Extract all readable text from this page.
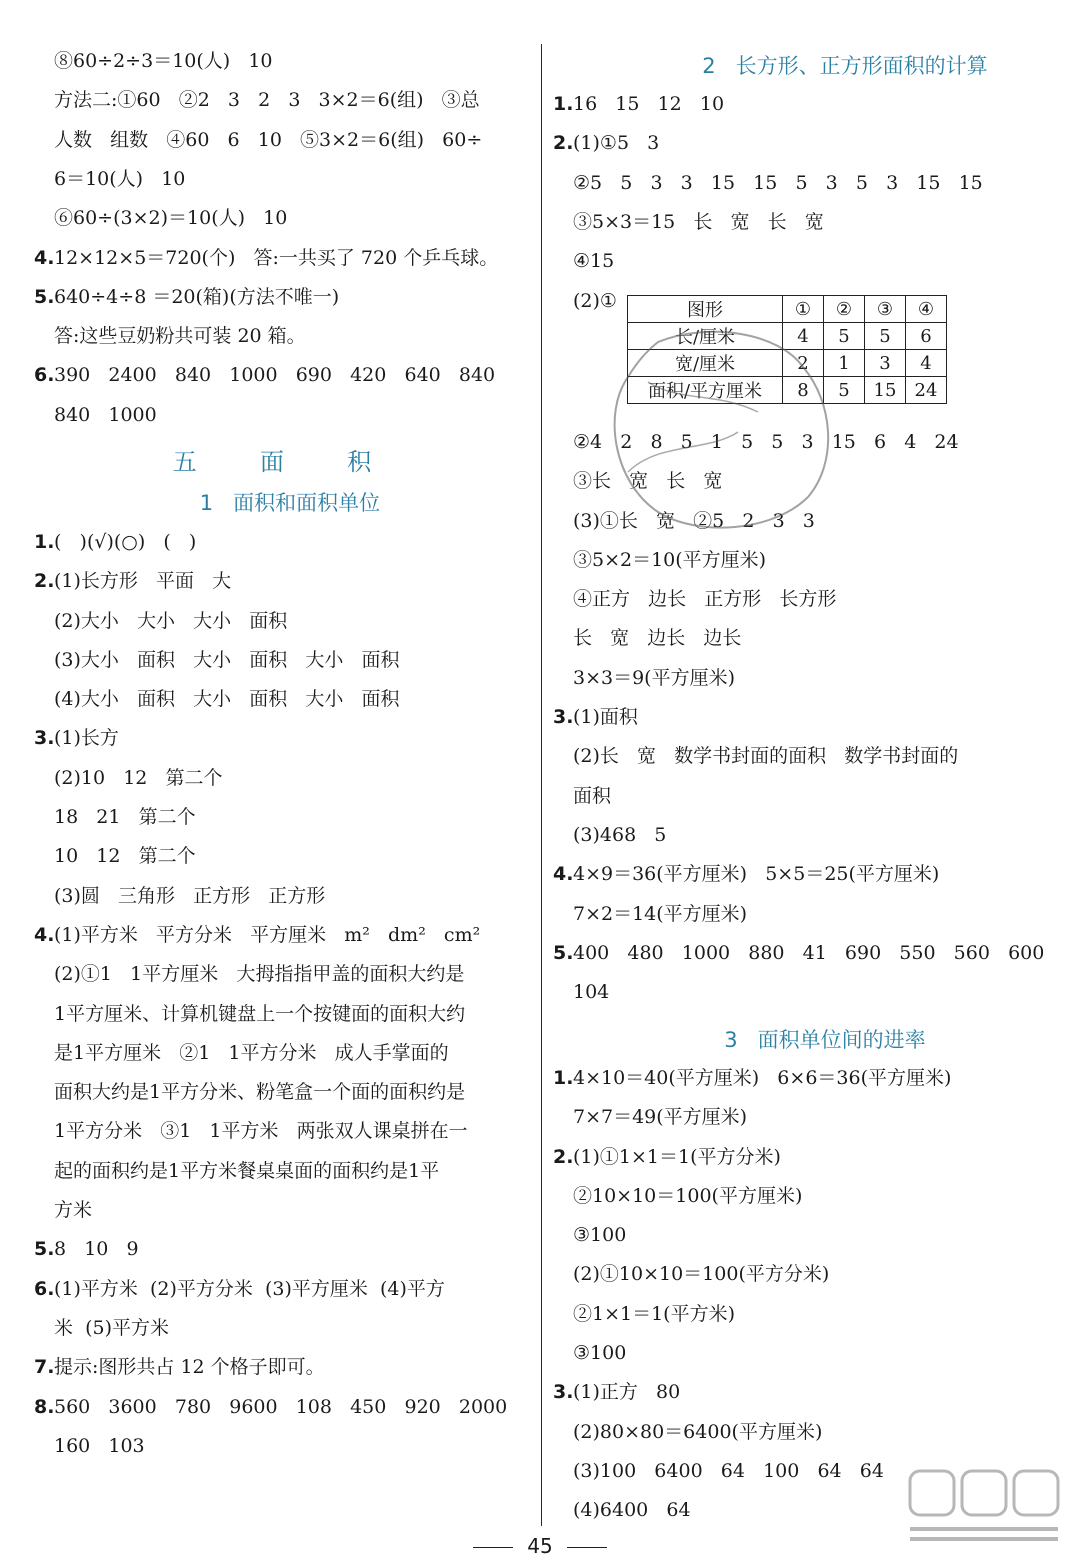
⑧60÷2÷3＝10(人)   10
方法二:①60   ②2   3   2   3   3×2＝6(组)   ③总
人数   组数   ④60   6   10   ⑤3×2＝6(组)   60÷
6＝10(人)   10
⑥60÷(3×2)＝10(人)   10
4. 12×12×5＝720(个)   答:一共买了 720 个乒乓球。
5. 640÷4÷8 ＝20(箱)(方法不唯一)
答:这些豆奶粉共可装 20 箱。
6. 390   2400   840   1000   690   420   640   840
840   1000
五  面  积
1   面积和面积单位
1. (   )(√)(○)   (   )
2. (1)长方形   平面   大
(2)大小   大小   大小   面积
(3)大小   面积   大小   面积   大小   面积
(4)大小   面积   大小   面积   大小   面积
3. (1)长方
(2)10   12   第二个
18   21   第二个
10   12   第二个
(3)圆   三角形   正方形   正方形
4. (1)平方米   平方分米   平方厘米   m²   dm²   cm²
(2)①1   1平方厘米   大拇指指甲盖的面积大约是
1平方厘米、计算机键盘上一个按键面的面积大约
是1平方厘米   ②1   1平方分米   成人手掌面的
面积大约是1平方分米、粉笔盒一个面的面积约是
1平方分米   ③1   1平方米   两张双人课桌拼在一
起的面积约是1平方米餐桌桌面的面积约是1平
方米
5. 8   10   9
6. (1)平方米  (2)平方分米  (3)平方厘米  (4)平方
米  (5)平方米
7. 提示:图形共占 12 个格子即可。
8. 560   3600   780   9600   108   450   920   2000
160   103
2   长方形、正方形面积的计算
1. 16   15   12   10
2. (1)①5   3
②5   5   3   3   15   15   5   3   5   3   15   15
③5×3＝15   长   宽   长   宽
④15
(2)①	图形	①	②	③	④
长/厘米	4	5	5	6
宽/厘米	2	1	3	4
面积/平方厘米	8	5	15	24
②4   2   8   5   1   5   5   3   15   6   4   24
③长   宽   长   宽
(3)①长   宽   ②5   2   3   3
③5×2＝10(平方厘米)
④正方   边长   正方形   长方形
长   宽   边长   边长
3×3＝9(平方厘米)
3. (1)面积
(2)长   宽   数学书封面的面积   数学书封面的
面积
(3)468   5
4. 4×9＝36(平方厘米)   5×5＝25(平方厘米)
7×2＝14(平方厘米)
5. 400   480   1000   880   41   690   550   560   600
104
3   面积单位间的进率
1. 4×10＝40(平方厘米)   6×6＝36(平方厘米)
7×7＝49(平方厘米)
2. (1)①1×1＝1(平方分米)
②10×10＝100(平方厘米)
③100
(2)①10×10＝100(平方分米)
②1×1＝1(平方米)
③100
3. (1)正方   80
(2)80×80＝6400(平方厘米)
(3)100   6400   64   100   64   64
(4)6400   64
45
